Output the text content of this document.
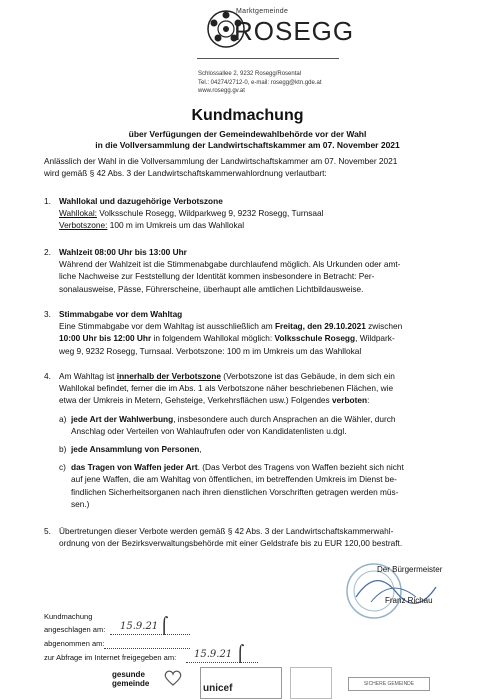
Marktgemeinde
ROSEGG
Schlossallee 2, 9232 Rosegg/Rosental
Tel.: 04274/2712-0, e-mail: rosegg@ktn.gde.at
www.rosegg.gv.at
Kundmachung
über Verfügungen der Gemeindewahlbehörde vor der Wahl
in die Vollversammlung der Landwirtschaftskammer am 07. November 2021
Anlässlich der Wahl in die Vollversammlung der Landwirtschaftskammer am 07. November 2021
wird gemäß § 42 Abs. 3 der Landwirtschaftskammerwahlordnung verlautbart:
1. Wahllokal und dazugehörige Verbotszone
Wahllokal: Volksschule Rosegg, Wildparkweg 9, 9232 Rosegg, Turnsaal
Verbotszone: 100 m im Umkreis um das Wahllokal
2. Wahlzeit 08:00 Uhr bis 13:00 Uhr
Während der Wahlzeit ist die Stimmenabgabe durchlaufend möglich. Als Urkunden oder amt-
liche Nachweise zur Feststellung der Identität kommen insbesondere in Betracht: Per-
sonalausweise, Pässe, Führerscheine, überhaupt alle amtlichen Lichtbildausweise.
3. Stimmabgabe vor dem Wahltag
Eine Stimmabgabe vor dem Wahltag ist ausschließlich am Freitag, den 29.10.2021 zwischen
10:00 Uhr bis 12:00 Uhr in folgendem Wahllokal möglich: Volksschule Rosegg, Wildpark-
weg 9, 9232 Rosegg, Turnsaal. Verbotszone: 100 m im Umkreis um das Wahllokal
4. Am Wahltag ist innerhalb der Verbotszone (Verbotszone ist das Gebäude, in dem sich ein
Wahllokal befindet, ferner die im Abs. 1 als Verbotszone näher beschriebenen Flächen, wie
etwa der Umkreis in Metern, Gehsteige, Verkehrsflächen usw.) Folgendes verboten:
a) jede Art der Wahlwerbung, insbesondere auch durch Ansprachen an die Wähler, durch
Anschlag oder Verteilen von Wahlaufrufen oder von Kandidatenlisten u.dgl.
b) jede Ansammlung von Personen,
c) das Tragen von Waffen jeder Art. (Das Verbot des Tragens von Waffen bezieht sich nicht
auf jene Waffen, die am Wahltag von öffentlichen, im betreffenden Umkreis im Dienst be-
findlichen Sicherheitsorganen nach ihren dienstlichen Vorschriften getragen werden müs-
sen.)
5. Übertretungen dieser Verbote werden gemäß § 42 Abs. 3 der Landwirtschaftskammerwahl-
ordnung von der Bezirksverwaltungsbehörde mit einer Geldstrafe bis zu EUR 120,00 bestraft.
Der Bürgermeister
Franz Richau
Kundmachung
angeschlagen am: 15.9.21 ⌠
abgenommen am:
zur Abfrage im Internet freigegeben am: 15.9.21 ⌠
gesunde
gemeinde	unicef	SICHERE GEMEINDE
